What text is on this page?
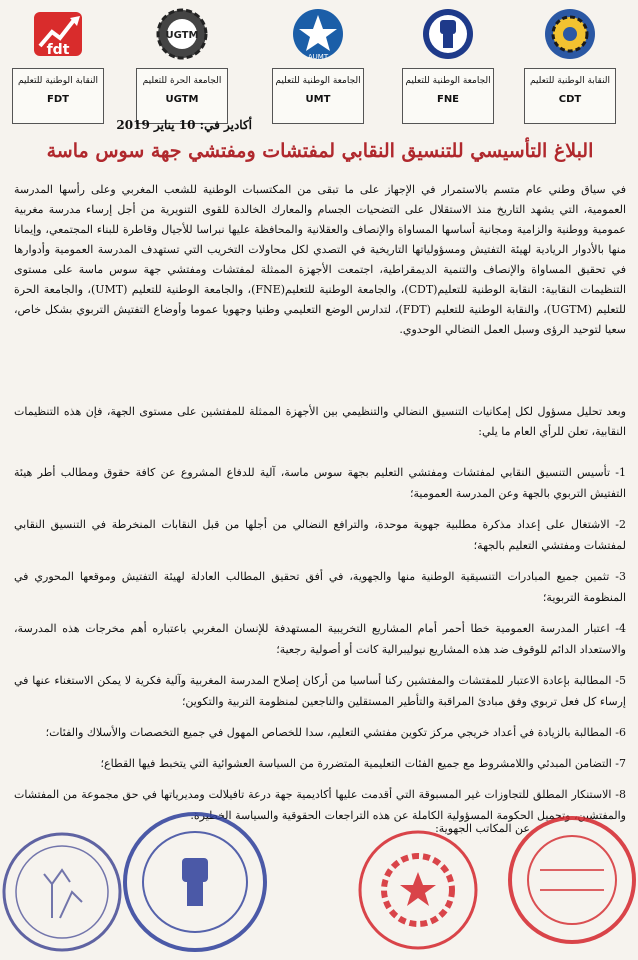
fdt
النقابة الوطنية للتعليم
FDT
UGTM
الجامعة الحرة للتعليم
UGTM
AUMT
الجامعة الوطنية للتعليم
UMT
الجامعة الوطنية للتعليم
FNE
النقابة الوطنية للتعليم
CDT
أكادير في: 10 يناير 2019
البلاغ التأسيسي للتنسيق النقابي لمفتشات ومفتشي جهة سوس ماسة
في سياق وطني عام متسم بالاستمرار في الإجهاز على ما تبقى من المكتسبات الوطنية للشعب المغربي وعلى رأسها المدرسة العمومية، التي يشهد التاريخ منذ الاستقلال على التضحيات الجسام والمعارك الخالدة للقوى التنويرية من أجل إرساء مدرسة مغربية عمومية ووطنية والزامية ومجانية أساسها المساواة والإنصاف والعقلانية والمحافظة عليها نبراسا للأجيال وقاطرة للبناء المجتمعي، وإيمانا منها بالأدوار الريادية لهيئة التفتيش ومسؤولياتها التاريخية في التصدي لكل محاولات التخريب التي تستهدف المدرسة العمومية وأدوارها في تحقيق المساواة والإنصاف والتنمية الديمقراطية، اجتمعت الأجهزة الممثلة لمفتشات ومفتشي جهة سوس ماسة على مستوى التنظيمات النقابية: النقابة الوطنية للتعليم(CDT)، والجامعة الوطنية للتعليم(FNE)، والجامعة الوطنية للتعليم (UMT)، والجامعة الحرة للتعليم (UGTM)، والنقابة الوطنية للتعليم (FDT)، لتدارس الوضع التعليمي وطنيا وجهويا عموما وأوضاع التفتيش التربوي بشكل خاص، سعيا لتوحيد الرؤى وسبل العمل النضالي الوحدوي.
وبعد تحليل مسؤول لكل إمكانيات التنسيق النضالي والتنظيمي بين الأجهزة الممثلة للمفتشين على مستوى الجهة، فإن هذه التنظيمات النقابية، تعلن للرأي العام ما يلي:
1- تأسيس التنسيق النقابي لمفتشات ومفتشي التعليم بجهة سوس ماسة، آلية للدفاع المشروع عن كافة حقوق ومطالب أطر هيئة التفتيش التربوي بالجهة وعن المدرسة العمومية؛
2- الاشتغال على إعداد مذكرة مطلبية جهوية موحدة، والترافع النضالي من أجلها من قبل النقابات المنخرطة في التنسيق النقابي لمفتشات ومفتشي التعليم بالجهة؛
3- تثمين جميع المبادرات التنسيقية الوطنية منها والجهوية، في أفق تحقيق المطالب العادلة لهيئة التفتيش وموقعها المحوري في المنظومة التربوية؛
4- اعتبار المدرسة العمومية خطا أحمر أمام المشاريع التخريبية المستهدفة للإنسان المغربي باعتباره أهم مخرجات هذه المدرسة، والاستعداد الدائم للوقوف ضد هذه المشاريع نيوليبرالية كانت أو أصولية رجعية؛
5- المطالبة بإعادة الاعتبار للمفتشات والمفتشين ركنا أساسيا من أركان إصلاح المدرسة المغربية وآلية فكرية لا يمكن الاستغناء عنها في إرساء كل فعل تربوي وفق مبادئ المراقبة والتأطير المستقلين والناجعين لمنظومة التربية والتكوين؛
6- المطالبة بالزيادة في أعداد خريجي مركز تكوين مفتشي التعليم، سدا للخصاص المهول في جميع التخصصات والأسلاك والفئات؛
7- التضامن المبدئي واللامشروط مع جميع الفئات التعليمية المتضررة من السياسة العشوائية التي يتخبط فيها القطاع؛
8- الاستنكار المطلق للتجاوزات غير المسبوقة التي أقدمت عليها أكاديمية جهة درعة تافيلالت ومديرياتها في حق مجموعة من المفتشات والمفتشين، وتحميل الحكومة المسؤولية الكاملة عن هذه التراجعات الحقوقية والسياسة الخطيرة.
عن المكاتب الجهوية:
